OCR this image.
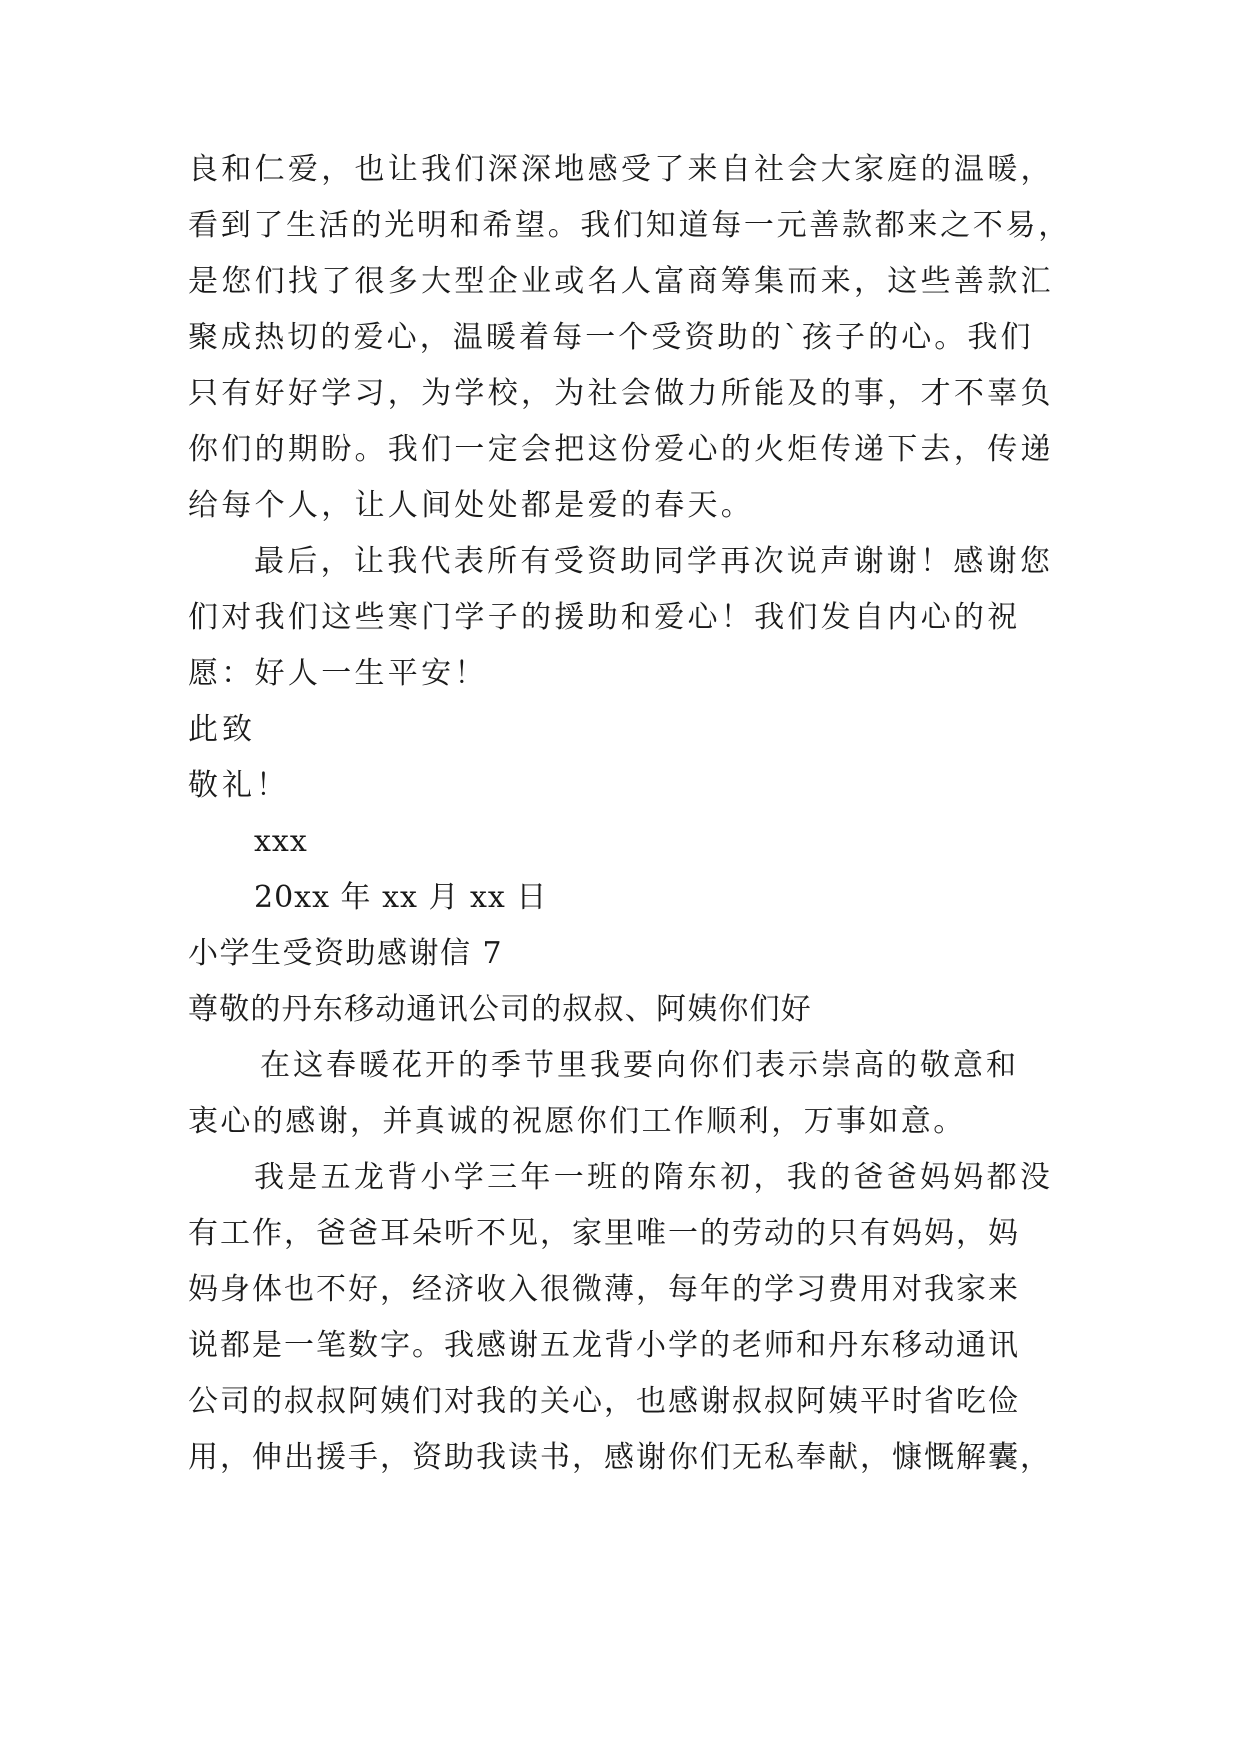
良和仁爱，也让我们深深地感受了来自社会大家庭的温暖，
看到了生活的光明和希望。我们知道每一元善款都来之不易，
是您们找了很多大型企业或名人富商筹集而来，这些善款汇
聚成热切的爱心，温暖着每一个受资助的`孩子的心。我们
只有好好学习，为学校，为社会做力所能及的事，才不辜负
你们的期盼。我们一定会把这份爱心的火炬传递下去，传递
给每个人，让人间处处都是爱的春天。
最后，让我代表所有受资助同学再次说声谢谢！感谢您
们对我们这些寒门学子的援助和爱心！我们发自内心的祝
愿：好人一生平安！
此致
敬礼！
xxx
20xx 年 xx 月 xx 日
小学生受资助感谢信 7
尊敬的丹东移动通讯公司的叔叔、阿姨你们好
在这春暖花开的季节里我要向你们表示崇高的敬意和
衷心的感谢，并真诚的祝愿你们工作顺利，万事如意。
我是五龙背小学三年一班的隋东初，我的爸爸妈妈都没
有工作，爸爸耳朵听不见，家里唯一的劳动的只有妈妈，妈
妈身体也不好，经济收入很微薄，每年的学习费用对我家来
说都是一笔数字。我感谢五龙背小学的老师和丹东移动通讯
公司的叔叔阿姨们对我的关心，也感谢叔叔阿姨平时省吃俭
用，伸出援手，资助我读书，感谢你们无私奉献，慷慨解囊，
